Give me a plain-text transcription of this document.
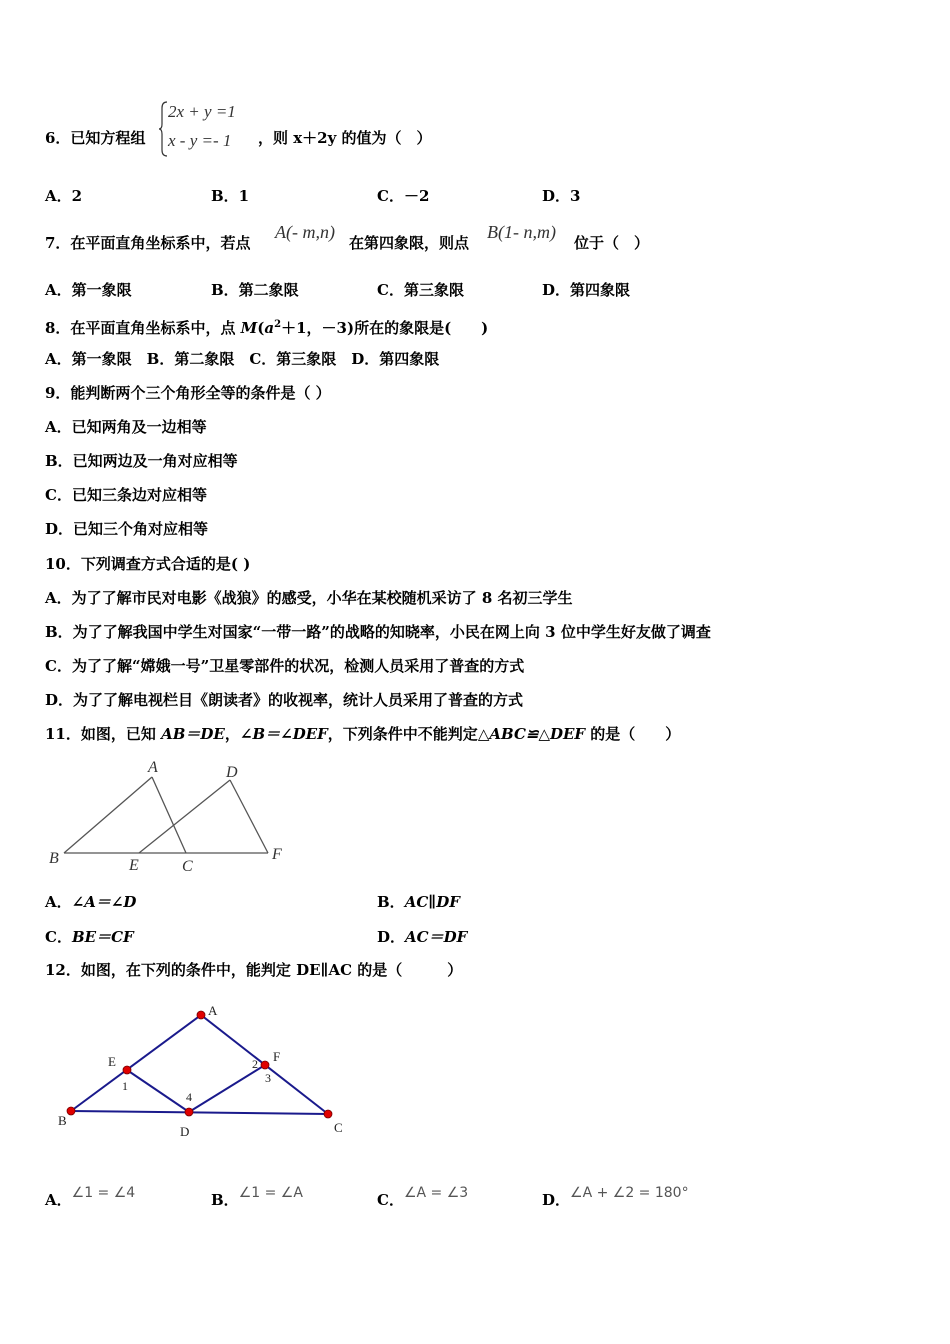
6．已知方程组
2x + y =1
x - y =- 1 ，则 x＋2y 的值为（　）
A．2	B．1	C．－2	D．3
7．在平面直角坐标系中，若点
A(- m,n)
在第四象限，则点
B(1- n,m)
位于（　）
A．第一象限	B．第二象限	C．第三象限	D．第四象限
8．在平面直角坐标系中，点 $M(a^2+1$，－3)所在的象限是(　　)
A．第一象限　B．第二象限　C．第三象限　D．第四象限
9．能判断两个三个角形全等的条件是（ ）
A．已知两角及一边相等
B．已知两边及一角对应相等
C．已知三条边对应相等
D．已知三个角对应相等
10．下列调查方式合适的是( )
A．为了了解市民对电影《战狼》的感受，小华在某校随机采访了 8 名初三学生
B．为了了解我国中学生对国家“一带一路”的战略的知晓率，小民在网上向 3 位中学生好友做了调查
C．为了了解“嫦娥一号”卫星零部件的状况，检测人员采用了普查的方式
D．为了了解电视栏目《朗读者》的收视率，统计人员采用了普查的方式
11．如图，已知 AB＝DE，∠B＝∠DEF，下列条件中不能判定△ABC≌△DEF 的是（　　）
A	D
B	E	C
F
A．∠A＝∠D	B．AC∥DF
C．BE＝CF	D．AC＝DF
12．如图，在下列的条件中，能判定 DE∥AC 的是（　　　）
A
E
1
4
2 F
3
B
D	C
A．∠1 = ∠4	B．∠1 = ∠A	C．∠A = ∠3	D．∠A + ∠2 = 180°
